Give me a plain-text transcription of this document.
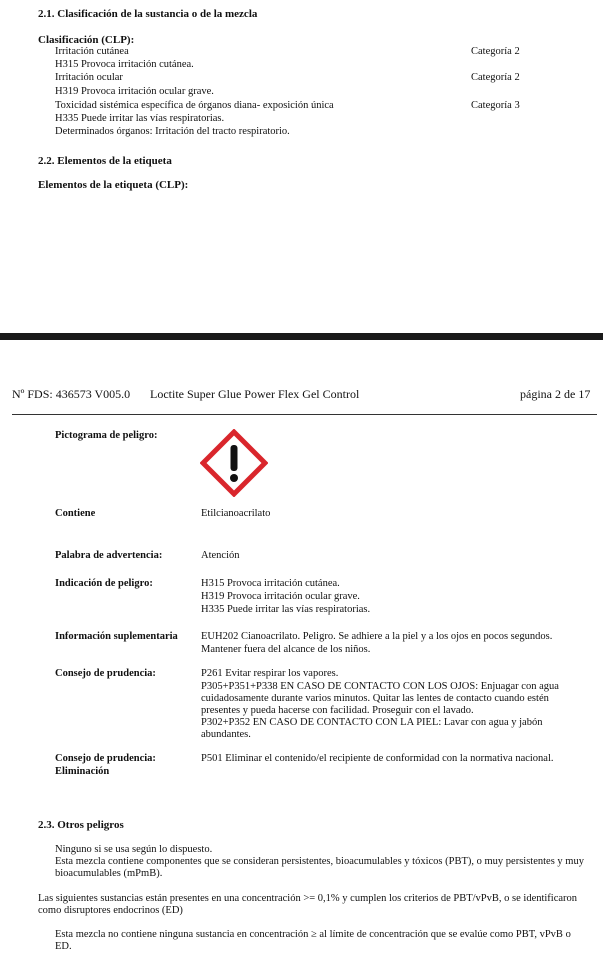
2.1. Clasificación de la sustancia o de la mezcla
Clasificación (CLP):
Irritación cutánea	Categoría 2
H315 Provoca irritación cutánea.
Irritación ocular	Categoría 2
H319 Provoca irritación ocular grave.
Toxicidad sistémica específica de órganos diana- exposición única	Categoría 3
H335 Puede irritar las vías respiratorias.
Determinados órganos: Irritación del tracto respiratorio.
2.2. Elementos de la etiqueta
Elementos de la etiqueta (CLP):
Nº FDS: 436573 V005.0 Loctite Super Glue Power Flex Gel Control	página 2 de 17
Pictograma de peligro:
Contiene	Etilcianoacrilato
Palabra de advertencia:	Atención
Indicación de peligro:	H315 Provoca irritación cutánea.
H319 Provoca irritación ocular grave.
H335 Puede irritar las vías respiratorias.
Información suplementaria EUH202 Cianoacrilato. Peligro. Se adhiere a la piel y a los ojos en pocos segundos.
Mantener fuera del alcance de los niños.
Consejo de prudencia:	P261 Evitar respirar los vapores.
P305+P351+P338 EN CASO DE CONTACTO CON LOS OJOS: Enjuagar con agua
cuidadosamente durante varios minutos. Quitar las lentes de contacto cuando estén
presentes y pueda hacerse con facilidad. Proseguir con el lavado.
P302+P352 EN CASO DE CONTACTO CON LA PIEL: Lavar con agua y jabón
abundantes.
Consejo de prudencia:
Eliminación
P501 Eliminar el contenido/el recipiente de conformidad con la normativa nacional.
2.3. Otros peligros
Ninguno si se usa según lo dispuesto.
Esta mezcla contiene componentes que se consideran persistentes, bioacumulables y tóxicos (PBT), o muy persistentes y muy
bioacumulables (mPmB).
Las siguientes sustancias están presentes en una concentración >= 0,1% y cumplen los criterios de PBT/vPvB, o se identificaron
como disruptores endocrinos (ED)
Esta mezcla no contiene ninguna sustancia en concentración ≥ al límite de concentración que se evalúe como PBT, vPvB o
ED.
